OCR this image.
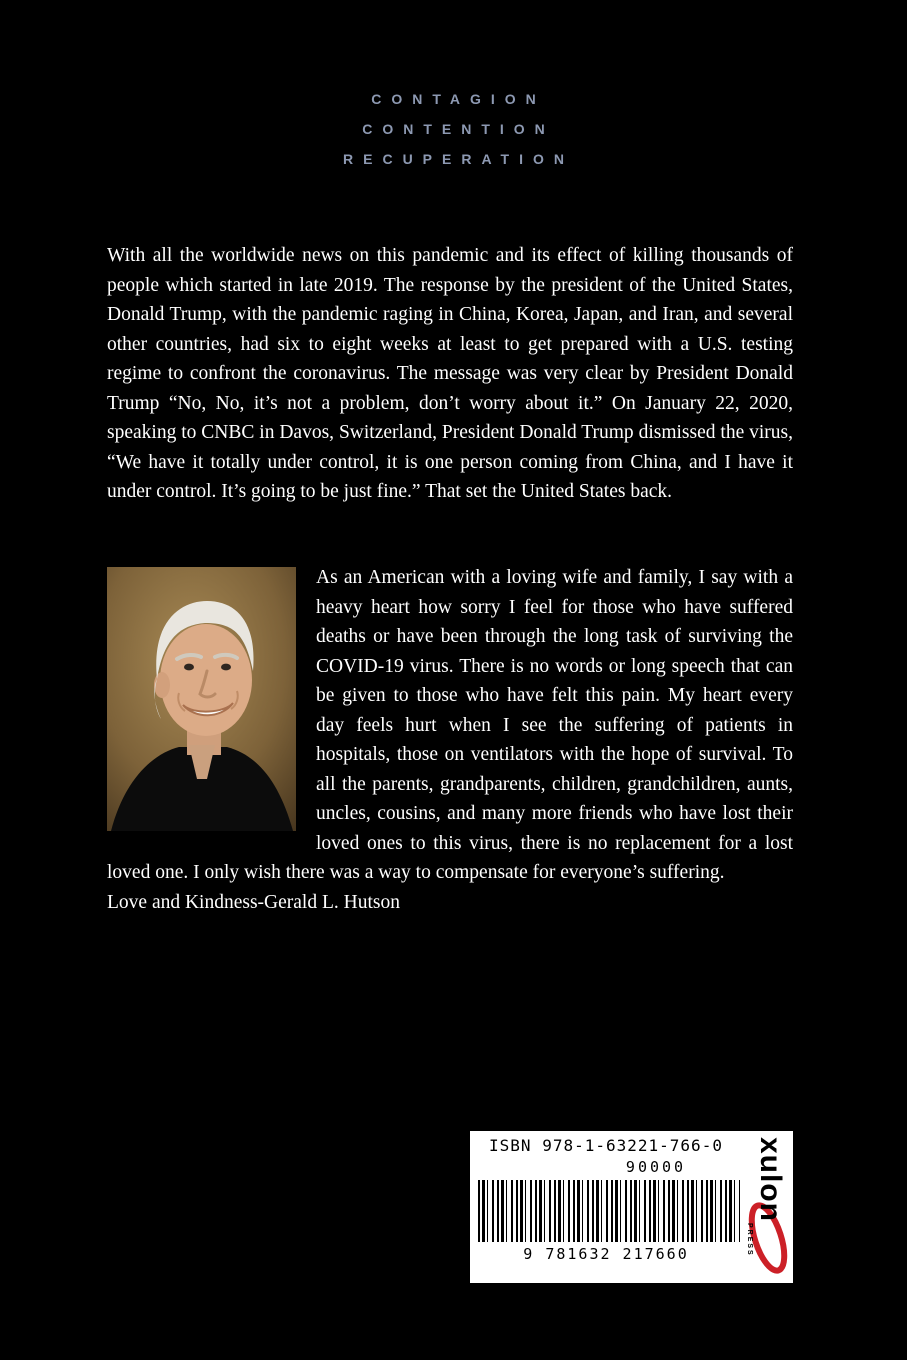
CONTAGION
CONTENTION
RECUPERATION

With all the worldwide news on this pandemic and its effect of killing thousands of people which started in late 2019. The response by the president of the United States, Donald Trump, with the pandemic raging in China, Korea, Japan, and Iran, and several other countries, had six to eight weeks at least to get prepared with a U.S. testing regime to confront the coronavirus. The message was very clear by President Donald Trump “No, No, it’s not a problem, don’t worry about it.” On January 22, 2020, speaking to CNBC in Davos, Switzerland, President Donald Trump dismissed the virus, “We have it totally under control, it is one person coming from China, and I have it under control. It’s going to be just fine.” That set the United States back.

As an American with a loving wife and family, I say with a heavy heart how sorry I feel for those who have suffered deaths or have been through the long task of surviving the COVID-19 virus. There is no words or long speech that can be given to those who have felt this pain. My heart every day feels hurt when I see the suffering of patients in hospitals, those on ventilators with the hope of survival. To all the parents, grandparents, children, grandchildren, aunts, uncles, cousins, and many more friends who have lost their loved ones to this virus, there is no replacement for a lost loved one. I only wish there was a way to compensate for everyone’s suffering.

Love and Kindness-Gerald L. Hutson

ISBN 978-1-63221-766-0
90000
9 781632 217660
xulon
PRESS
